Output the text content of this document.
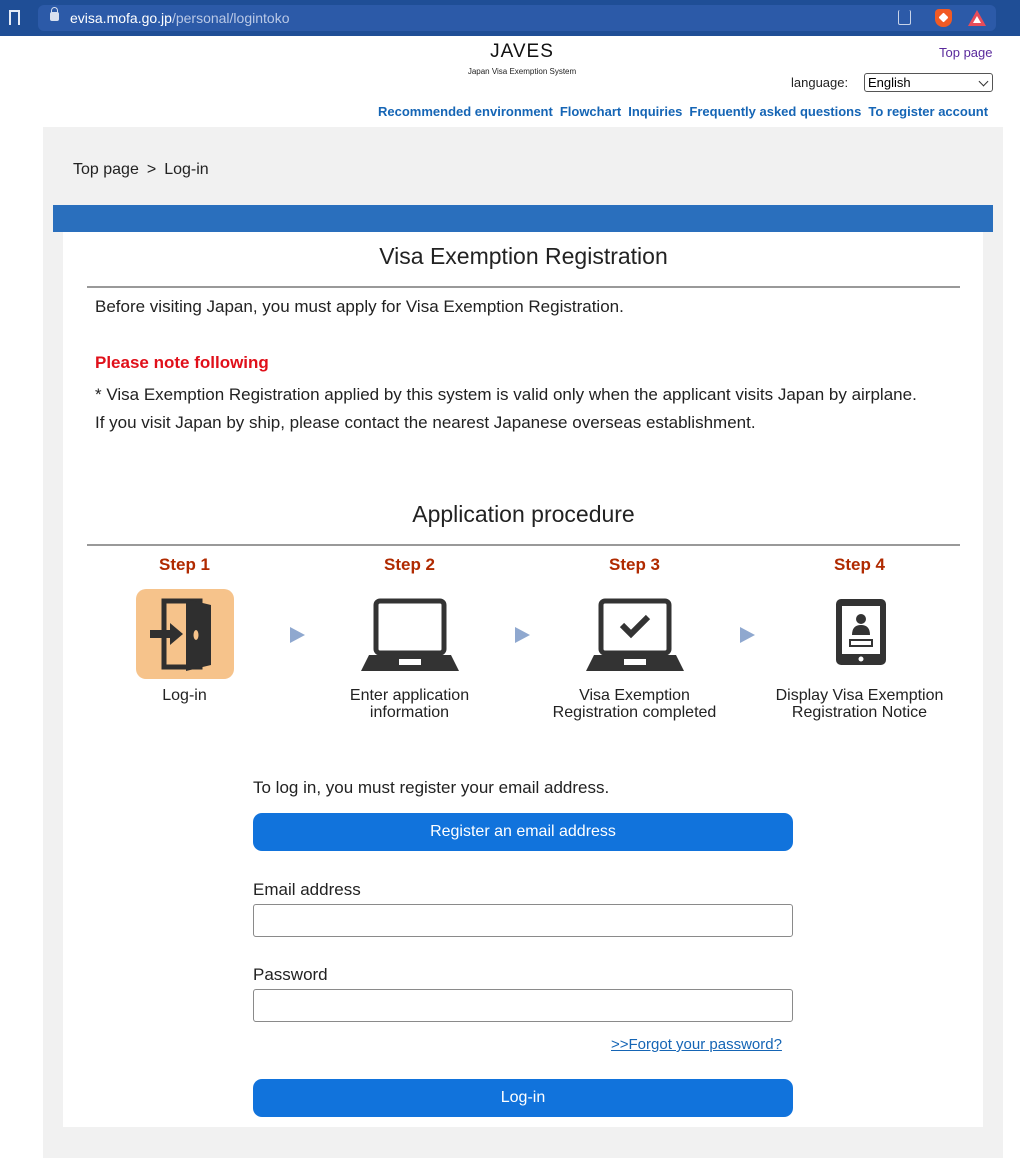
evisa.mofa.go.jp/personal/logintoko
JAVES
Japan Visa Exemption System
Top page
language:	English
Recommended environment Flowchart Inquiries Frequently asked questions To register account
Top page > Log-in
Visa Exemption Registration
Before visiting Japan, you must apply for Visa Exemption Registration.
Please note following
* Visa Exemption Registration applied by this system is valid only when the applicant visits Japan by airplane.
If you visit Japan by ship, please contact the nearest Japanese overseas establishment.
Application procedure
Step 1
Log-in
Step 2
Enter application
information
Step 3
Visa Exemption
Registration completed
Step 4
Display Visa Exemption
Registration Notice
To log in, you must register your email address.
Register an email address
Email address
Password
>>Forgot your password?
Log-in
